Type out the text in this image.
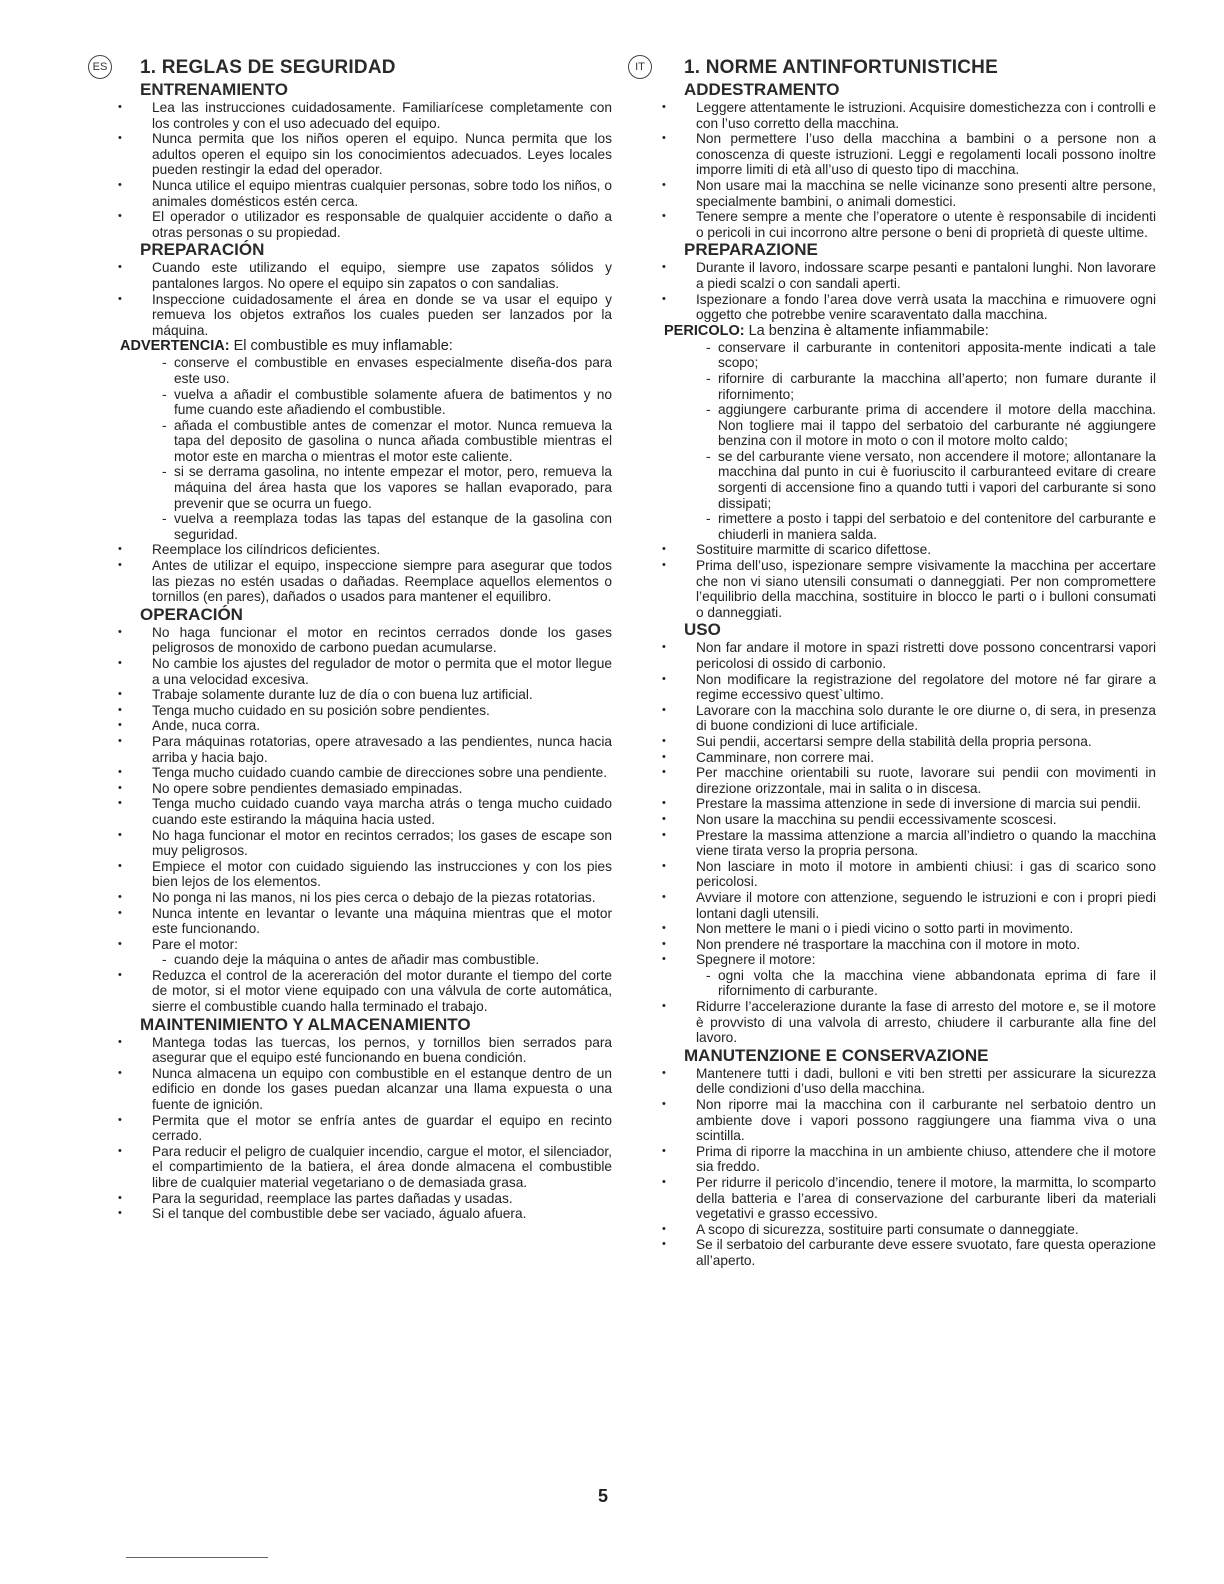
ES 1. REGLAS DE SEGURIDAD
ENTRENAMIENTO
• Lea las instrucciones cuidadosamente. Familiarícese completamente con los controles y con el uso adecuado del equipo.
• Nunca permita que los niños operen el equipo. Nunca permita que los adultos operen el equipo sin los conocimientos adecuados. Leyes locales pueden restingir la edad del operador.
• Nunca utilice el equipo mientras cualquier personas, sobre todo los niños, o animales domésticos estén cerca.
• El operador o utilizador es responsable de qualquier accidente o daño a otras personas o su propiedad.
PREPARACIÓN
• Cuando este utilizando el equipo, siempre use zapatos sólidos y pantalones largos. No opere el equipo sin zapatos o con sandalias.
• Inspeccione cuidadosamente el área en donde se va usar el equipo y remueva los objetos extraños los cuales pueden ser lanzados por la máquina.
ADVERTENCIA: El combustible es muy inflamable:
- conserve el combustible en envases especialmente diseña-dos para este uso.
- vuelva a añadir el combustible solamente afuera de batimentos y no fume cuando este añadiendo el combustible.
- añada el combustible antes de comenzar el motor. Nunca remueva la tapa del deposito de gasolina o nunca añada combustible mientras el motor este en marcha o mientras el motor este caliente.
- si se derrama gasolina, no intente empezar el motor, pero, remueva la máquina del área hasta que los vapores se hallan evaporado, para prevenir que se ocurra un fuego.
- vuelva a reemplaza todas las tapas del estanque de la gasolina con seguridad.
• Reemplace los cilíndricos deficientes.
• Antes de utilizar el equipo, inspeccione siempre para asegurar que todos las piezas no estén usadas o dañadas. Reemplace aquellos elementos o tornillos (en pares), dañados o usados para mantener el equilibro.
OPERACIÓN
• No haga funcionar el motor en recintos cerrados donde los gases peligrosos de monoxido de carbono puedan acumularse.
• No cambie los ajustes del regulador de motor o permita que el motor llegue a una velocidad excesiva.
• Trabaje solamente durante luz de día o con buena luz artificial.
• Tenga mucho cuidado en su posición sobre pendientes.
• Ande, nuca corra.
• Para máquinas rotatorias, opere atravesado a las pendientes, nunca hacia arriba y hacia bajo.
• Tenga mucho cuidado cuando cambie de direcciones sobre una pendiente.
• No opere sobre pendientes demasiado empinadas.
• Tenga mucho cuidado cuando vaya marcha atrás o tenga mucho cuidado cuando este estirando la máquina hacia usted.
• No haga funcionar el motor en recintos cerrados; los gases de escape son muy peligrosos.
• Empiece el motor con cuidado siguiendo las instrucciones y con los pies bien lejos de los elementos.
• No ponga ni las manos, ni los pies cerca o debajo de la piezas rotatorias.
• Nunca intente en levantar o levante una máquina mientras que el motor este funcionando.
• Pare el motor:
- cuando deje la máquina o antes de añadir mas combustible.
• Reduzca el control de la acereración del motor durante el tiempo del corte de motor, si el motor viene equipado con una válvula de corte automática, sierre el combustible cuando halla terminado el trabajo.
MAINTENIMIENTO Y ALMACENAMIENTO
• Mantega todas las tuercas, los pernos, y tornillos bien serrados para asegurar que el equipo esté funcionando en buena condición.
• Nunca almacena un equipo con combustible en el estanque dentro de un edificio en donde los gases puedan alcanzar una llama expuesta o una fuente de ignición.
• Permita que el motor se enfría antes de guardar el equipo en recinto cerrado.
• Para reducir el peligro de cualquier incendio, cargue el motor, el silenciador, el compartimiento de la batiera, el área donde almacena el combustible libre de cualquier material vegetariano o de demasiada grasa.
• Para la seguridad, reemplace las partes dañadas y usadas.
• Si el tanque del combustible debe ser vaciado, águalo afuera.
IT	1. NORME ANTINFORTUNISTICHE
ADDESTRAMENTO
• Leggere attentamente le istruzioni. Acquisire domestichezza con i controlli e con l’uso corretto della macchina.
• Non permettere l’uso della macchina a bambini o a persone non a conoscenza di queste istruzioni. Leggi e regolamenti locali possono inoltre imporre limiti di età all’uso di questo tipo di macchina.
• Non usare mai la macchina se nelle vicinanze sono presenti altre persone, specialmente bambini, o animali domestici.
• Tenere sempre a mente che l’operatore o utente è responsabile di incidenti o pericoli in cui incorrono altre persone o beni di proprietà di queste ultime.
PREPARAZIONE
• Durante il lavoro, indossare scarpe pesanti e pantaloni lunghi. Non lavorare a piedi scalzi o con sandali aperti.
• Ispezionare a fondo l’area dove verrà usata la macchina e rimuovere ogni oggetto che potrebbe venire scaraventato dalla macchina.
PERICOLO: La benzina è altamente infiammabile:
- conservare il carburante in contenitori apposita-mente indicati a tale scopo;
- rifornire di carburante la macchina all’aperto; non fumare durante il rifornimento;
- aggiungere carburante prima di accendere il motore della macchina. Non togliere mai il tappo del serbatoio del carburante né aggiungere benzina con il motore in moto o con il motore molto caldo;
- se del carburante viene versato, non accendere il motore; allontanare la macchina dal punto in cui è fuoriuscito il carburanteed evitare di creare sorgenti di accensione fino a quando tutti i vapori del carburante si sono dissipati;
- rimettere a posto i tappi del serbatoio e del contenitore del carburante e chiuderli in maniera salda.
• Sostituire marmitte di scarico difettose.
• Prima dell’uso, ispezionare sempre visivamente la macchina per accertare che non vi siano utensili consumati o danneggiati. Per non compromettere l’equilibrio della macchina, sostituire in blocco le parti o i bulloni consumati o danneggiati.
USO
• Non far andare il motore in spazi ristretti dove possono concentrarsi vapori pericolosi di ossido di carbonio.
• Non modificare la registrazione del regolatore del motore né far girare a regime eccessivo quest`ultimo.
• Lavorare con la macchina solo durante le ore diurne o, di sera, in presenza di buone condizioni di luce artificiale.
• Sui pendii, accertarsi sempre della stabilità della propria persona.
• Camminare, non correre mai.
• Per macchine orientabili su ruote, lavorare sui pendii con movimenti in direzione orizzontale, mai in salita o in discesa.
• Prestare la massima attenzione in sede di inversione di marcia sui pendii.
• Non usare la macchina su pendii eccessivamente scoscesi.
• Prestare la massima attenzione a marcia all’indietro o quando la macchina viene tirata verso la propria persona.
• Non lasciare in moto il motore in ambienti chiusi: i gas di scarico sono pericolosi.
• Avviare il motore con attenzione, seguendo le istruzioni e con i propri piedi lontani dagli utensili.
• Non mettere le mani o i piedi vicino o sotto parti in movimento.
• Non prendere né trasportare la macchina con il motore in moto.
• Spegnere il motore:
- ogni volta che la macchina viene abbandonata eprima di fare il rifornimento di carburante.
• Ridurre l’accelerazione durante la fase di arresto del motore e, se il motore è provvisto di una valvola di arresto, chiudere il carburante alla fine del lavoro.
MANUTENZIONE E CONSERVAZIONE
• Mantenere tutti i dadi, bulloni e viti ben stretti per assicurare la sicurezza delle condizioni d’uso della macchina.
• Non riporre mai la macchina con il carburante nel serbatoio dentro un ambiente dove i vapori possono raggiungere una fiamma viva o una scintilla.
• Prima di riporre la macchina in un ambiente chiuso, attendere che il motore sia freddo.
• Per ridurre il pericolo d’incendio, tenere il motore, la marmitta, lo scomparto della batteria e l’area di conservazione del carburante liberi da materiali vegetativi e grasso eccessivo.
• A scopo di sicurezza, sostituire parti consumate o danneggiate.
• Se il serbatoio del carburante deve essere svuotato, fare questa operazione all’aperto.
5
